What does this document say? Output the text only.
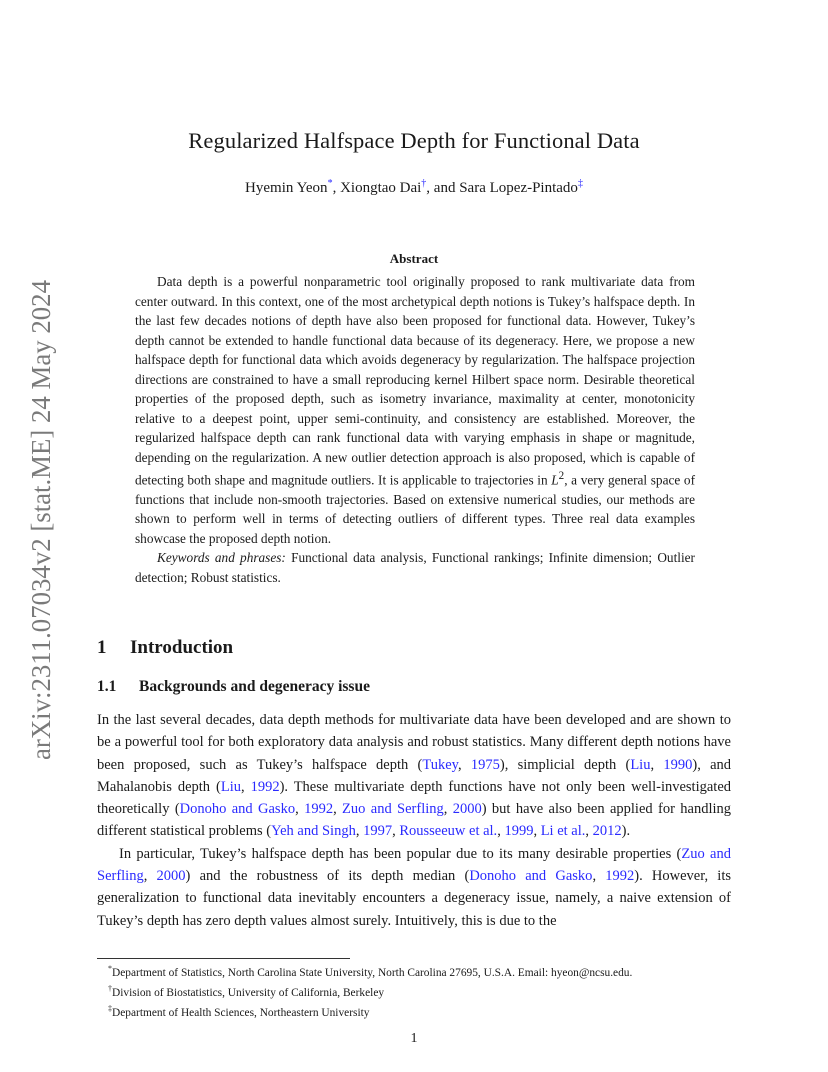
arXiv:2311.07034v2 [stat.ME] 24 May 2024
Regularized Halfspace Depth for Functional Data
Hyemin Yeon*, Xiongtao Dai†, and Sara Lopez-Pintado‡
Abstract

Data depth is a powerful nonparametric tool originally proposed to rank multivariate data from center outward. In this context, one of the most archetypical depth notions is Tukey’s halfspace depth. In the last few decades notions of depth have also been proposed for functional data. However, Tukey’s depth cannot be extended to handle functional data because of its degeneracy. Here, we propose a new halfspace depth for functional data which avoids degeneracy by regularization. The halfspace projection directions are constrained to have a small reproducing kernel Hilbert space norm. Desirable theoretical properties of the proposed depth, such as isometry invariance, maximality at center, monotonicity relative to a deepest point, upper semi-continuity, and consistency are established. Moreover, the regularized halfspace depth can rank functional data with varying emphasis in shape or magnitude, depending on the regularization. A new outlier detection approach is also proposed, which is capable of detecting both shape and magnitude outliers. It is applicable to trajectories in $L^2$, a very general space of functions that include non-smooth trajectories. Based on extensive numerical studies, our methods are shown to perform well in terms of detecting outliers of different types. Three real data examples showcase the proposed depth notion.

Keywords and phrases: Functional data analysis, Functional rankings; Infinite dimension; Outlier detection; Robust statistics.

1 Introduction
1.1 Backgrounds and degeneracy issue

In the last several decades, data depth methods for multivariate data have been developed and are shown to be a powerful tool for both exploratory data analysis and robust statistics. Many different depth notions have been proposed, such as Tukey’s halfspace depth (Tukey, 1975), simplicial depth (Liu, 1990), and Mahalanobis depth (Liu, 1992). These multivariate depth functions have not only been well-investigated theoretically (Donoho and Gasko, 1992, Zuo and Serfling, 2000) but have also been applied for handling different statistical problems (Yeh and Singh, 1997, Rousseeuw et al., 1999, Li et al., 2012).

In particular, Tukey’s halfspace depth has been popular due to its many desirable properties (Zuo and Serfling, 2000) and the robustness of its depth median (Donoho and Gasko, 1992). However, its generalization to functional data inevitably encounters a degeneracy issue, namely, a naive extension of Tukey’s depth has zero depth values almost surely. Intuitively, this is due to the

*Department of Statistics, North Carolina State University, North Carolina 27695, U.S.A. Email: hyeon@ncsu.edu.
†Division of Biostatistics, University of California, Berkeley
‡Department of Health Sciences, Northeastern University
1
